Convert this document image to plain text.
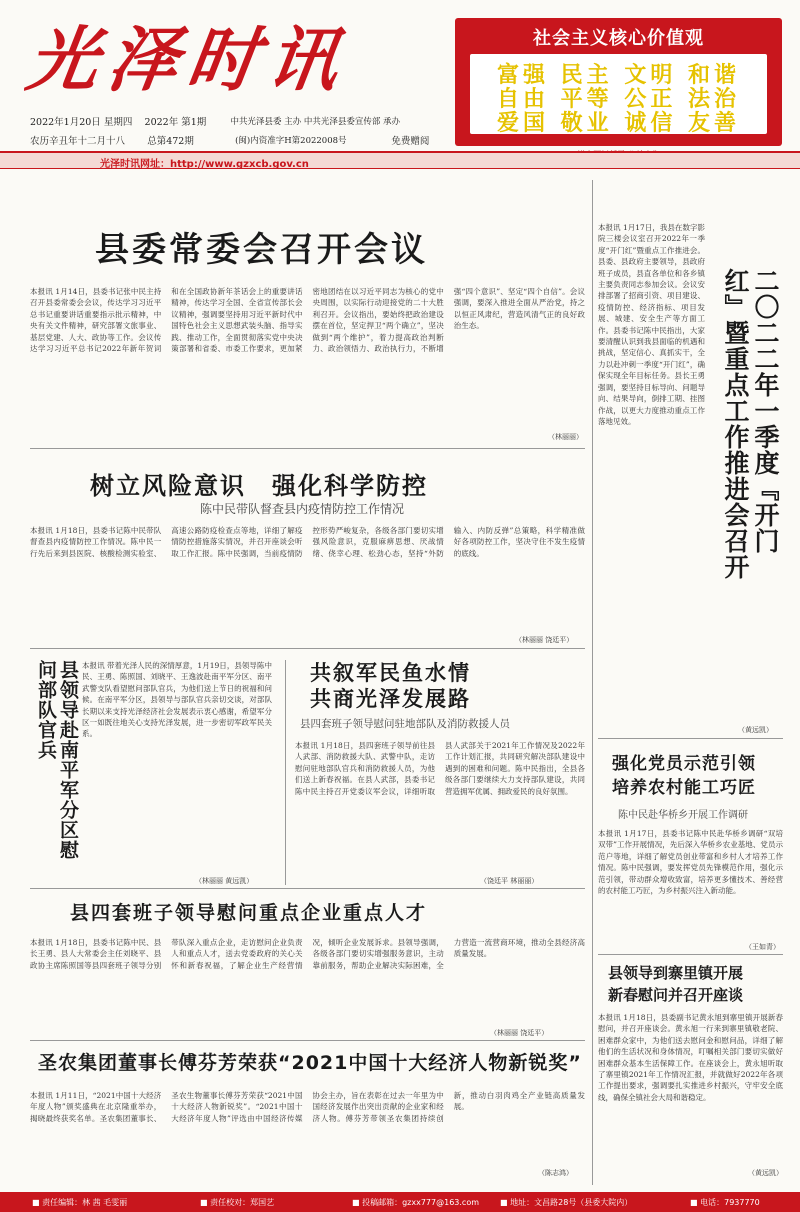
光泽时讯
2022年1月20日 星期四	2022年 第1期	中共光泽县委 主办 中共光泽县委宣传部 承办
农历辛丑年十二月十八	总第472期	(闽)内资准字H第2022008号	免费赠阅
社会主义核心价值观
富强 民主 文明 和谐
自由 平等 公正 法治
爱国 敬业 诚信 友善
光泽时讯网址：http://www.gzxcb.gov.cn
县委常委会召开会议
本报讯 1月14日，县委书记张中民主持召开县委常委会会议，传达学习习近平总书记重要讲话重要指示批示精神，中央有关文件精神，研究部署文旅事业、基层党建、人大、政协等工作。会议传达学习习近平总书记2022年新年贺词和在全国政协新年茶话会上的重要讲话精神，传达学习全国、全省宣传部长会议精神，强调要坚持用习近平新时代中国特色社会主义思想武装头脑、指导实践、推动工作，全面贯彻落实党中央决策部署和省委、市委工作要求，更加紧密地团结在以习近平同志为核心的党中央周围，以实际行动迎接党的二十大胜利召开。会议指出，要始终把政治建设摆在首位，坚定捍卫“两个确立”，坚决做到“两个维护”，着力提高政治判断力、政治领悟力、政治执行力，不断增强“四个意识”、坚定“四个自信”。会议强调，要深入推进全面从严治党，持之以恒正风肃纪，营造风清气正的良好政治生态。
（林丽丽）
树立风险意识　强化科学防控
陈中民带队督查县内疫情防控工作情况
本报讯 1月18日，县委书记陈中民带队督查县内疫情防控工作情况。陈中民一行先后来到县医院、核酸检测实验室、高速公路防疫检查点等地，详细了解疫情防控措施落实情况，并召开座谈会听取工作汇报。陈中民强调，当前疫情防控形势严峻复杂，各级各部门要切实增强风险意识，克服麻痹思想、厌战情绪、侥幸心理、松劲心态，坚持“外防输入、内防反弹”总策略，科学精准做好各项防控工作，坚决守住不发生疫情的底线。
（林丽丽 饶廷平）
县领导赴南平军分区慰问部队官兵	本报讯 带着光泽人民的深情厚意，1月19日，县领导陈中民、王勇、陈照国、刘晓平、王逸波赴南平军分区、南平武警支队看望慰问部队官兵，为他们送上节日的祝福和问候。在南平军分区，县领导与部队官兵亲切交谈，对部队长期以来支持光泽经济社会发展表示衷心感谢，希望军分区一如既往地关心支持光泽发展，进一步密切军政军民关系。
（林丽丽 黄远凯）
共叙军民鱼水情
共商光泽发展路
县四套班子领导慰问驻地部队及消防救援人员
本报讯 1月18日，县四套班子领导前往县人武部、消防救援大队、武警中队，走访慰问驻地部队官兵和消防救援人员，为他们送上新春祝福。在县人武部，县委书记陈中民主持召开党委议军会议，详细听取县人武部关于2021年工作情况及2022年工作计划汇报，共同研究解决部队建设中遇到的困难和问题。陈中民指出，全县各级各部门要继续大力支持部队建设，共同营造拥军优属、拥政爱民的良好氛围。
（饶廷平 林丽丽）
县四套班子领导慰问重点企业重点人才
本报讯 1月18日，县委书记陈中民、县长王勇、县人大常委会主任刘晓平、县政协主席陈照国等县四套班子领导分别带队深入重点企业，走访慰问企业负责人和重点人才，送去党委政府的关心关怀和新春祝福，了解企业生产经营情况，倾听企业发展诉求。县领导强调，各级各部门要切实增强服务意识，主动靠前服务，帮助企业解决实际困难，全力营造一流营商环境，推动全县经济高质量发展。
（林丽丽 饶廷平）
圣农集团董事长傅芬芳荣获“2021中国十大经济人物新锐奖”
本报讯 1月11日，“2021中国十大经济年度人物”颁奖盛典在北京隆重举办，揭晓最终获奖名单。圣农集团董事长、圣农生物董事长傅芬芳荣获“2021中国十大经济人物新锐奖”。“2021中国十大经济年度人物”评选由中国经济传媒协会主办，旨在表彰在过去一年里为中国经济发展作出突出贡献的企业家和经济人物。傅芬芳带领圣农集团持续创新，推动白羽肉鸡全产业链高质量发展。
（陈志鸿）
本报讯 1月17日，我县在数字影院三楼会议室召开2022年一季度“开门红”暨重点工作推进会。县委、县政府主要领导，县政府班子成员，县直各单位和各乡镇主要负责同志参加会议。会议安排部署了招商引资、项目建设、疫情防控、经济指标、项目发展、城建、安全生产等方面工作。县委书记陈中民指出，大家要清醒认识到我县面临的机遇和挑战，坚定信心、真抓实干，全力以赴冲刺一季度“开门红”，确保实现全年目标任务。县长王勇强调，要坚持目标导向、问题导向、结果导向，倒排工期、挂图作战，以更大力度推动重点工作落地见效。	二〇二二年一季度『开门红』暨重点工作推进会召开
（黄远凯）
强化党员示范引领
培养农村能工巧匠
陈中民赴华桥乡开展工作调研
本报讯 1月17日，县委书记陈中民赴华桥乡调研“双培双带”工作开展情况，先后深入华桥乡农业基地、党员示范户等地，详细了解党员创业带富和乡村人才培养工作情况。陈中民强调，要发挥党员先锋模范作用，强化示范引领，带动群众增收致富，培养更多懂技术、善经营的农村能工巧匠，为乡村振兴注入新动能。
（王如青）
县领导到寨里镇开展
新春慰问并召开座谈
本报讯 1月18日，县委副书记黄永旭到寨里镇开展新春慰问，并召开座谈会。黄永旭一行来到寨里镇敬老院、困难群众家中，为他们送去慰问金和慰问品，详细了解他们的生活状况和身体情况，叮嘱相关部门要切实做好困难群众基本生活保障工作。在座谈会上，黄永旭听取了寨里镇2021年工作情况汇报，并就做好2022年各项工作提出要求，强调要扎实推进乡村振兴，守牢安全底线，确保全镇社会大局和谐稳定。
（黄远凯）
■ 责任编辑：林 茜 毛雯丽	■ 责任校对：郑国艺	■ 投稿邮箱：gzxx777@163.com	■ 地址：文昌路28号（县委大院内）	■ 电话：7937770
